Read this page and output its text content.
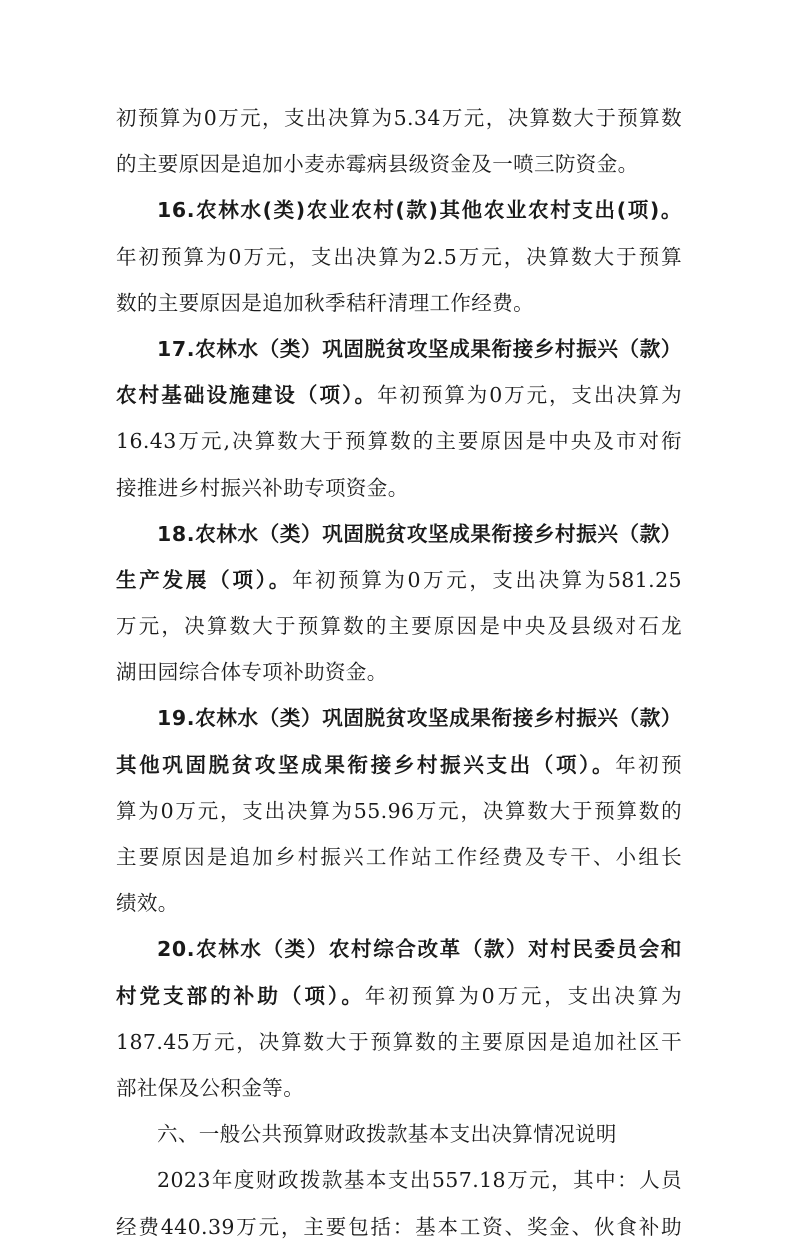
初预算为0万元，支出决算为5.34万元，决算数大于预算数
的主要原因是追加小麦赤霉病县级资金及一喷三防资金。
16.农林水(类)农业农村(款)其他农业农村支出(项)。
年初预算为0万元，支出决算为2.5万元，决算数大于预算
数的主要原因是追加秋季秸秆清理工作经费。
17.农林水（类）巩固脱贫攻坚成果衔接乡村振兴（款）
农村基础设施建设（项）。年初预算为0万元，支出决算为
16.43万元,决算数大于预算数的主要原因是中央及市对衔
接推进乡村振兴补助专项资金。
18.农林水（类）巩固脱贫攻坚成果衔接乡村振兴（款）
生产发展（项）。年初预算为0万元，支出决算为581.25
万元，决算数大于预算数的主要原因是中央及县级对石龙
湖田园综合体专项补助资金。
19.农林水（类）巩固脱贫攻坚成果衔接乡村振兴（款）
其他巩固脱贫攻坚成果衔接乡村振兴支出（项）。年初预
算为0万元，支出决算为55.96万元，决算数大于预算数的
主要原因是追加乡村振兴工作站工作经费及专干、小组长
绩效。
20.农林水（类）农村综合改革（款）对村民委员会和
村党支部的补助（项）。年初预算为0万元，支出决算为
187.45万元，决算数大于预算数的主要原因是追加社区干
部社保及公积金等。
六、一般公共预算财政拨款基本支出决算情况说明
2023年度财政拨款基本支出557.18万元，其中：人员
经费440.39万元，主要包括：基本工资、奖金、伙食补助
